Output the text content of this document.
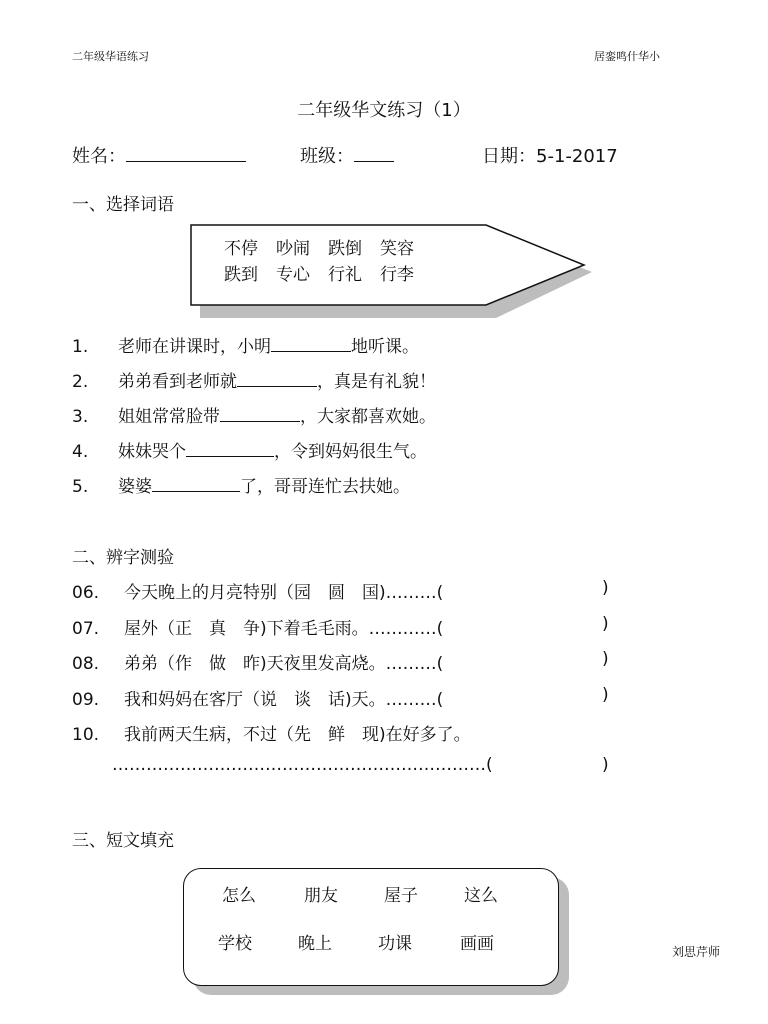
二年级华语练习	居銮鸣什华小
二年级华文练习（1）
姓名：	班级：	日期：5-1-2017
一、选择词语
不停 吵闹 跌倒 笑容
跌到 专心 行礼 行李
1. 老师在讲课时，小明	地听课。
2. 弟弟看到老师就	，真是有礼貌！
3. 姐姐常常脸带	，大家都喜欢她。
4. 妹妹哭个	，令到妈妈很生气。
5. 婆婆	了，哥哥连忙去扶她。
二、辨字测验
06. 今天晚上的月亮特别（园　圆　国)………(	)
07. 屋外（正　真　争)下着毛毛雨。…………(	)
08. 弟弟（作　做　昨)天夜里发高烧。………(	)
09. 我和妈妈在客厅（说　谈　话)天。………(	)
10. 我前两天生病，不过（先　鲜　现)在好多了。
…………………………………………………………(	)
三、短文填充
怎么	朋友	屋子	这么
学校	晚上	功课	画画	刘思芹师
